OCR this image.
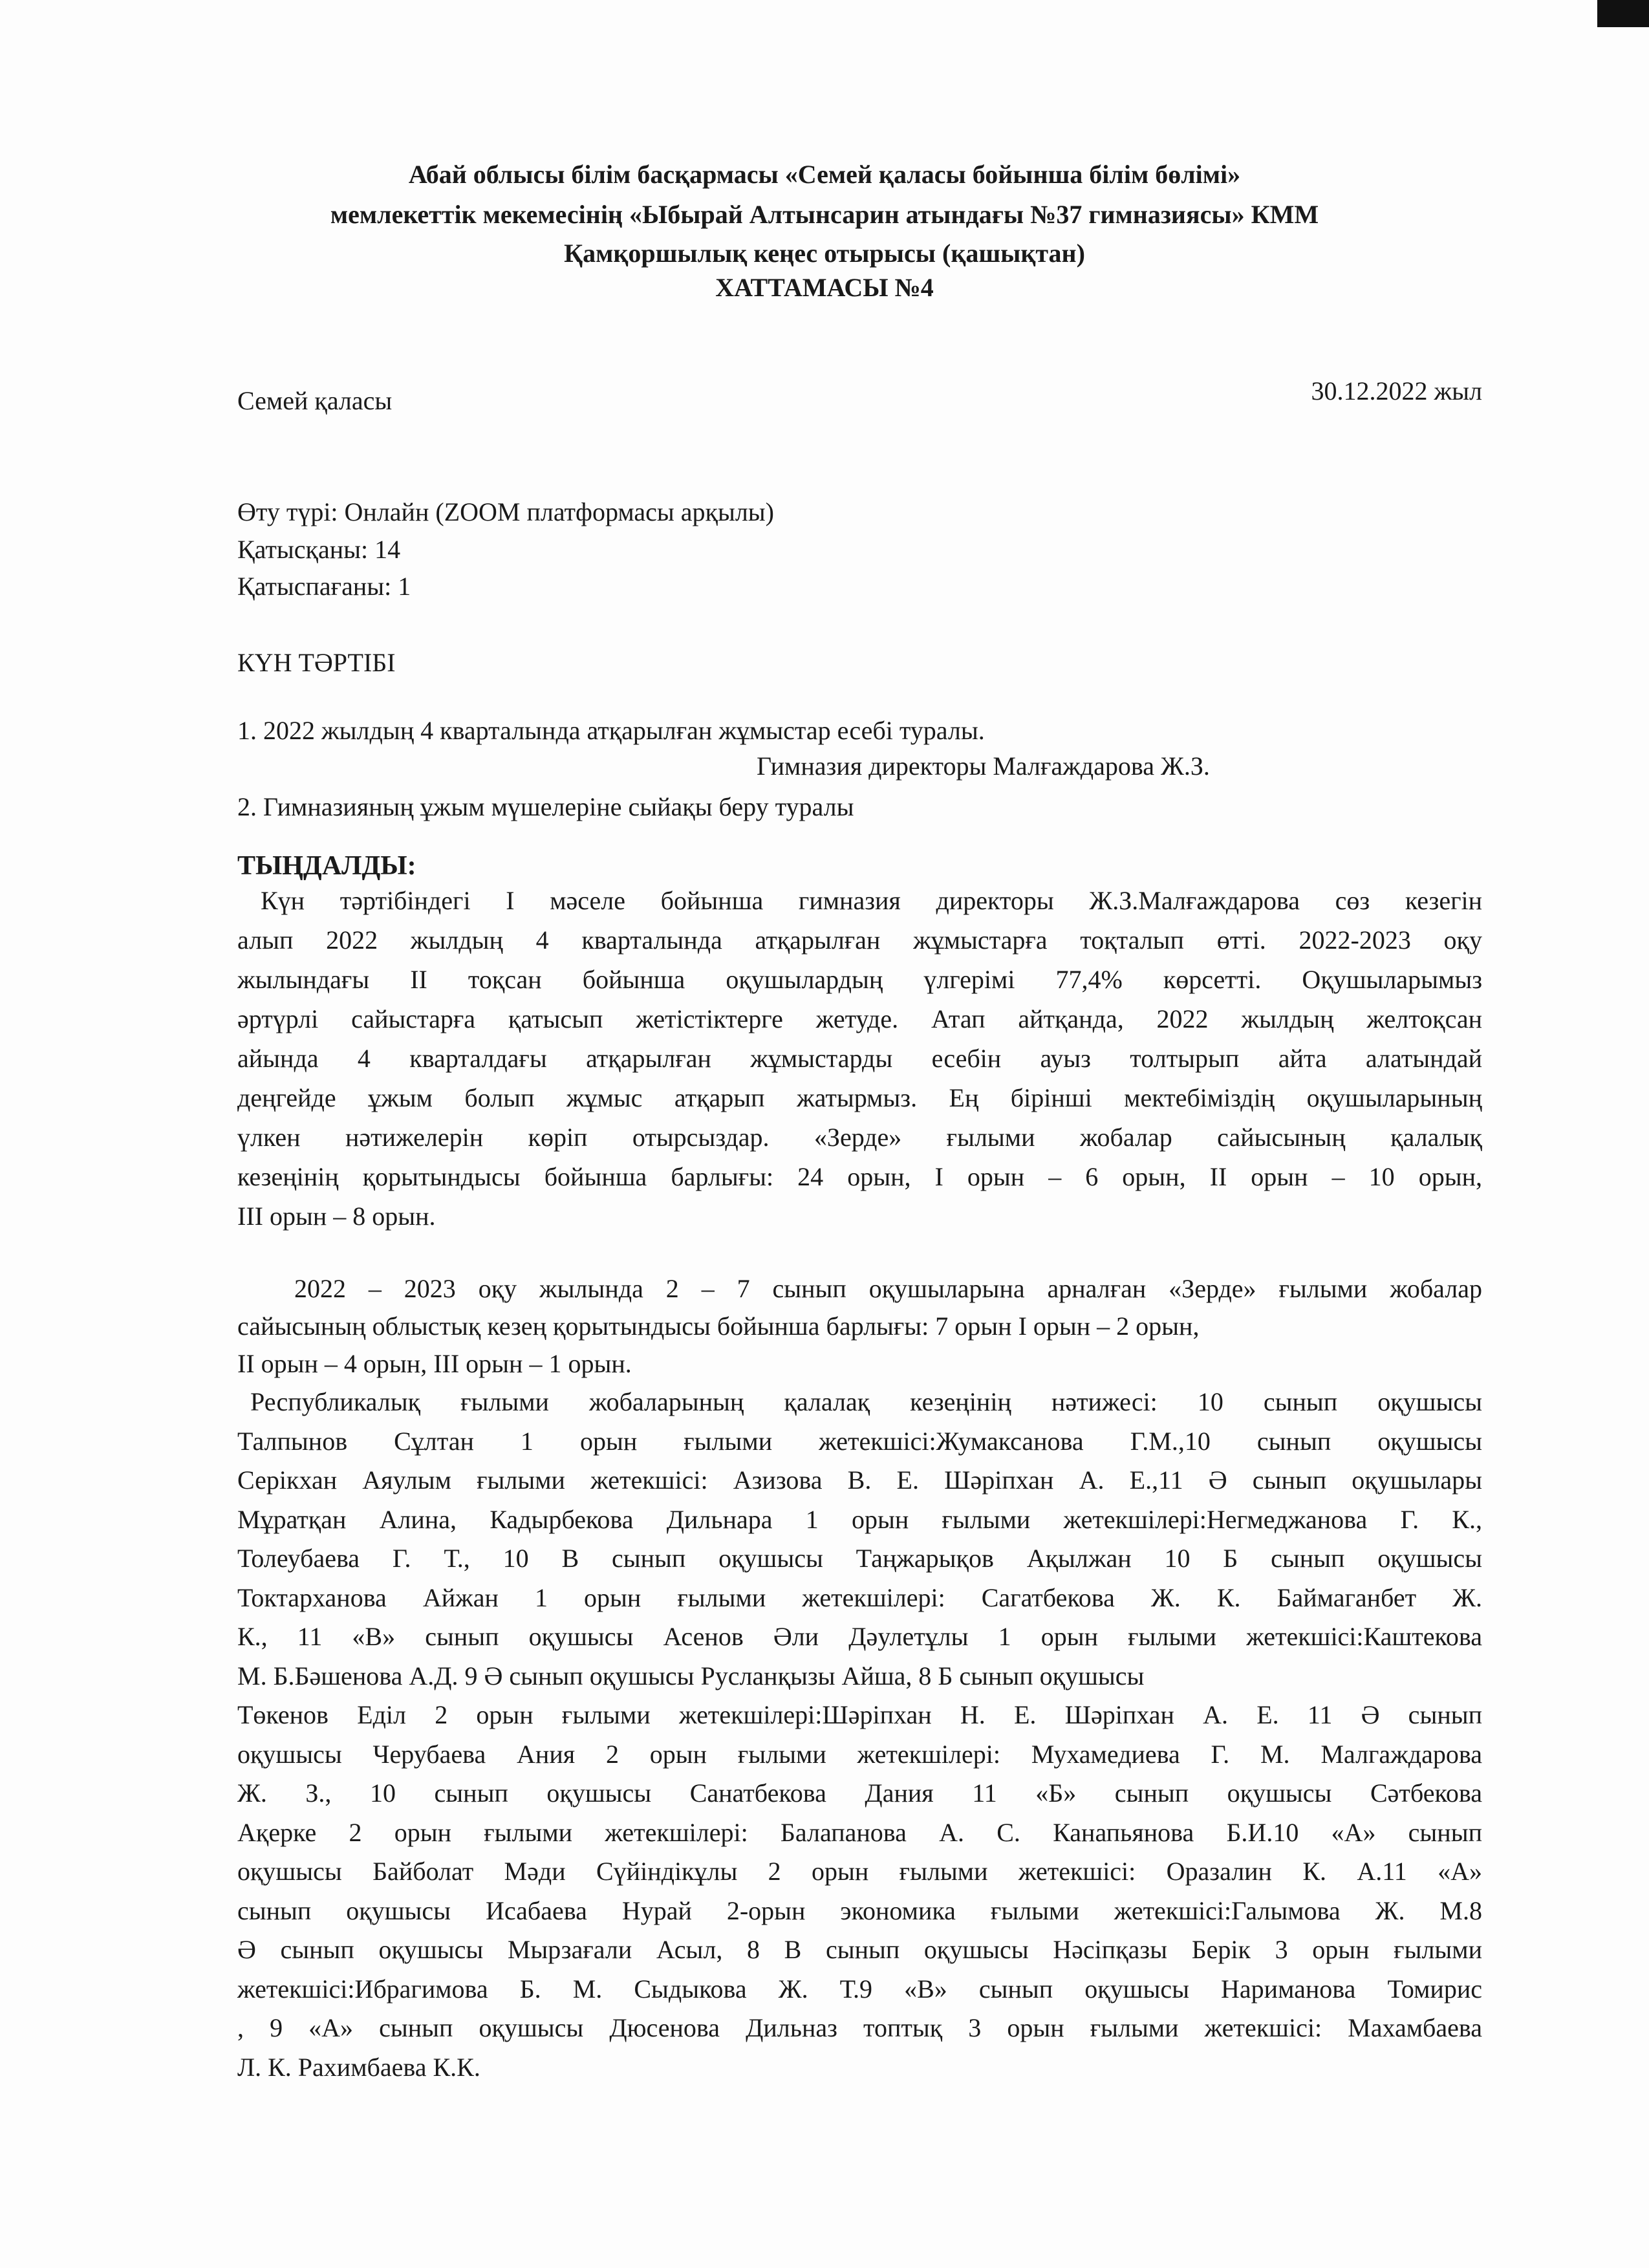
Абай облысы білім басқармасы «Семей қаласы бойынша білім бөлімі»
мемлекеттік мекемесінің «Ыбырай Алтынсарин атындағы №37 гимназиясы» КММ
Қамқоршылық кеңес отырысы (қашықтан)
ХАТТАМАСЫ №4
Семей қаласы	30.12.2022 жыл
Өту түрі: Онлайн (ZOOM платформасы арқылы)
Қатысқаны: 14
Қатыспағаны: 1
КҮН ТӘРТІБІ
1. 2022 жылдың 4 кварталында атқарылған жұмыстар есебі туралы.
Гимназия директоры Малғаждарова Ж.З.
2. Гимназияның ұжым мүшелеріне сыйақы беру туралы
ТЫҢДАЛДЫ:
Күн тәртібіндегі І мәселе бойынша гимназия директоры Ж.З.Малғаждарова сөз кезегін
алып 2022 жылдың 4 кварталында атқарылған жұмыстарға тоқталып өтті. 2022-2023 оқу
жылындағы ІІ тоқсан бойынша оқушылардың үлгерімі 77,4% көрсетті. Оқушыларымыз
әртүрлі сайыстарға қатысып жетістіктерге жетуде. Атап айтқанда, 2022 жылдың желтоқсан
айында 4 кварталдағы атқарылған жұмыстарды есебін ауыз толтырып айта алатындай
деңгейде ұжым болып жұмыс атқарып жатырмыз. Ең бірінші мектебіміздің оқушыларының
үлкен нәтижелерін көріп отырсыздар. «Зерде» ғылыми жобалар сайысының қалалық
кезеңінің қорытындысы бойынша барлығы: 24 орын, І орын – 6 орын, ІІ орын – 10 орын,
ІІІ орын – 8 орын.
2022 – 2023 оқу жылында 2 – 7 сынып оқушыларына арналған «Зерде» ғылыми жобалар
сайысының облыстық кезең қорытындысы бойынша барлығы: 7 орын І орын – 2 орын,
ІІ орын – 4 орын, ІІІ орын – 1 орын.
Республикалық ғылыми жобаларының қалалақ кезеңінің нәтижесі: 10 сынып оқушысы
Талпынов Сұлтан 1 орын ғылыми жетекшісі:Жумаксанова Г.М.,10 сынып оқушысы
Серікхан Аяулым ғылыми жетекшісі: Азизова В. Е. Шәріпхан А. Е.,11 Ә сынып оқушылары
Мұратқан Алина, Кадырбекова Дильнара 1 орын ғылыми жетекшілері:Негмеджанова Г. К.,
Толеубаева Г. Т., 10 В сынып оқушысы Таңжарықов Ақылжан 10 Б сынып оқушысы
Токтарханова Айжан 1 орын ғылыми жетекшілері: Сагатбекова Ж. К. Баймаганбет Ж.
К., 11 «В» сынып оқушысы Асенов Әли Дәулетұлы 1 орын ғылыми жетекшісі:Каштекова
М. Б.Бәшенова А.Д. 9 Ә сынып оқушысы Русланқызы Айша, 8 Б сынып оқушысы
Төкенов Еділ 2 орын ғылыми жетекшілері:Шәріпхан Н. Е. Шәріпхан А. Е. 11 Ә сынып
оқушысы Черубаева Ания 2 орын ғылыми жетекшілері: Мухамедиева Г. М. Малгаждарова
Ж. З., 10 сынып оқушысы Санатбекова Дания 11 «Б» сынып оқушысы Сәтбекова
Ақерке 2 орын ғылыми жетекшілері: Балапанова А. С. Канапьянова Б.И.10 «А» сынып
оқушысы Байболат Мәди Сүйіндікұлы 2 орын ғылыми жетекшісі: Оразалин К. А.11 «А»
сынып оқушысы Исабаева Нурай 2-орын экономика ғылыми жетекшісі:Галымова Ж. М.8
Ә сынып оқушысы Мырзағали Асыл, 8 В сынып оқушысы Нәсіпқазы Берік 3 орын ғылыми
жетекшісі:Ибрагимова Б. М. Сыдыкова Ж. Т.9 «В» сынып оқушысы Нариманова Томирис
, 9 «А» сынып оқушысы Дюсенова Дильназ топтық 3 орын ғылыми жетекшісі: Махамбаева
Л. К. Рахимбаева К.К.
